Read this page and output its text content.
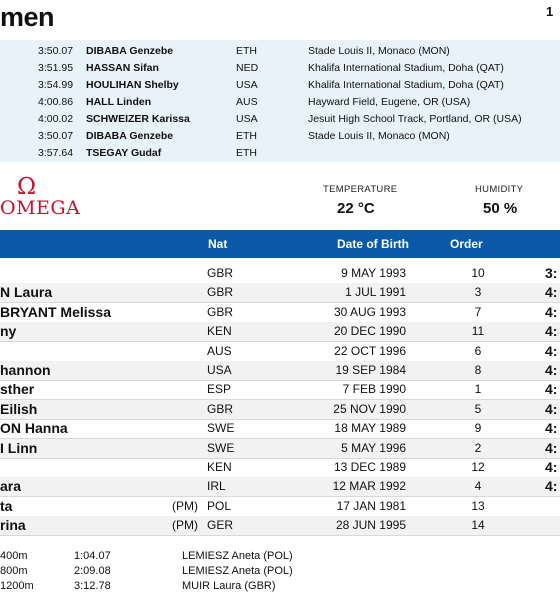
men	1
3:50.07 DIBABA Genzebe	ETH	Stade Louis II, Monaco (MON)
3:51.95 HASSAN Sifan	NED	Khalifa International Stadium, Doha (QAT)
3:54.99 HOULIHAN Shelby	USA	Khalifa International Stadium, Doha (QAT)
4:00.86 HALL Linden	AUS	Hayward Field, Eugene, OR (USA)
4:00.02 SCHWEIZER Karissa	USA	Jesuit High School Track, Portland, OR (USA)
3:50.07 DIBABA Genzebe	ETH	Stade Louis II, Monaco (MON)
3:57.64 TSEGAY Gudaf	ETH
Ω
OMEGA
TEMPERATURE
22 °C
HUMIDITY
50 %
Nat	Date of Birth	Order
GBR	9 MAY 1993	10	3:
N Laura	GBR	1 JUL 1991	3	4:
BRYANT Melissa	GBR	30 AUG 1993	7	4:
ny	KEN	20 DEC 1990	11	4:
AUS	22 OCT 1996	6	4:
hannon	USA	19 SEP 1984	8	4:
sther	ESP	7 FEB 1990	1	4:
Eilish	GBR	25 NOV 1990	5	4:
ON Hanna	SWE	18 MAY 1989	9	4:
I Linn	SWE	5 MAY 1996	2	4:
KEN	13 DEC 1989	12	4:
ara	IRL	12 MAR 1992	4	4:
ta	(PM) POL	17 JAN 1981	13
rina	(PM) GER	28 JUN 1995	14
400m	1:04.07	LEMIESZ Aneta (POL)
800m	2:09.08	LEMIESZ Aneta (POL)
1200m	3:12.78	MUIR Laura (GBR)
